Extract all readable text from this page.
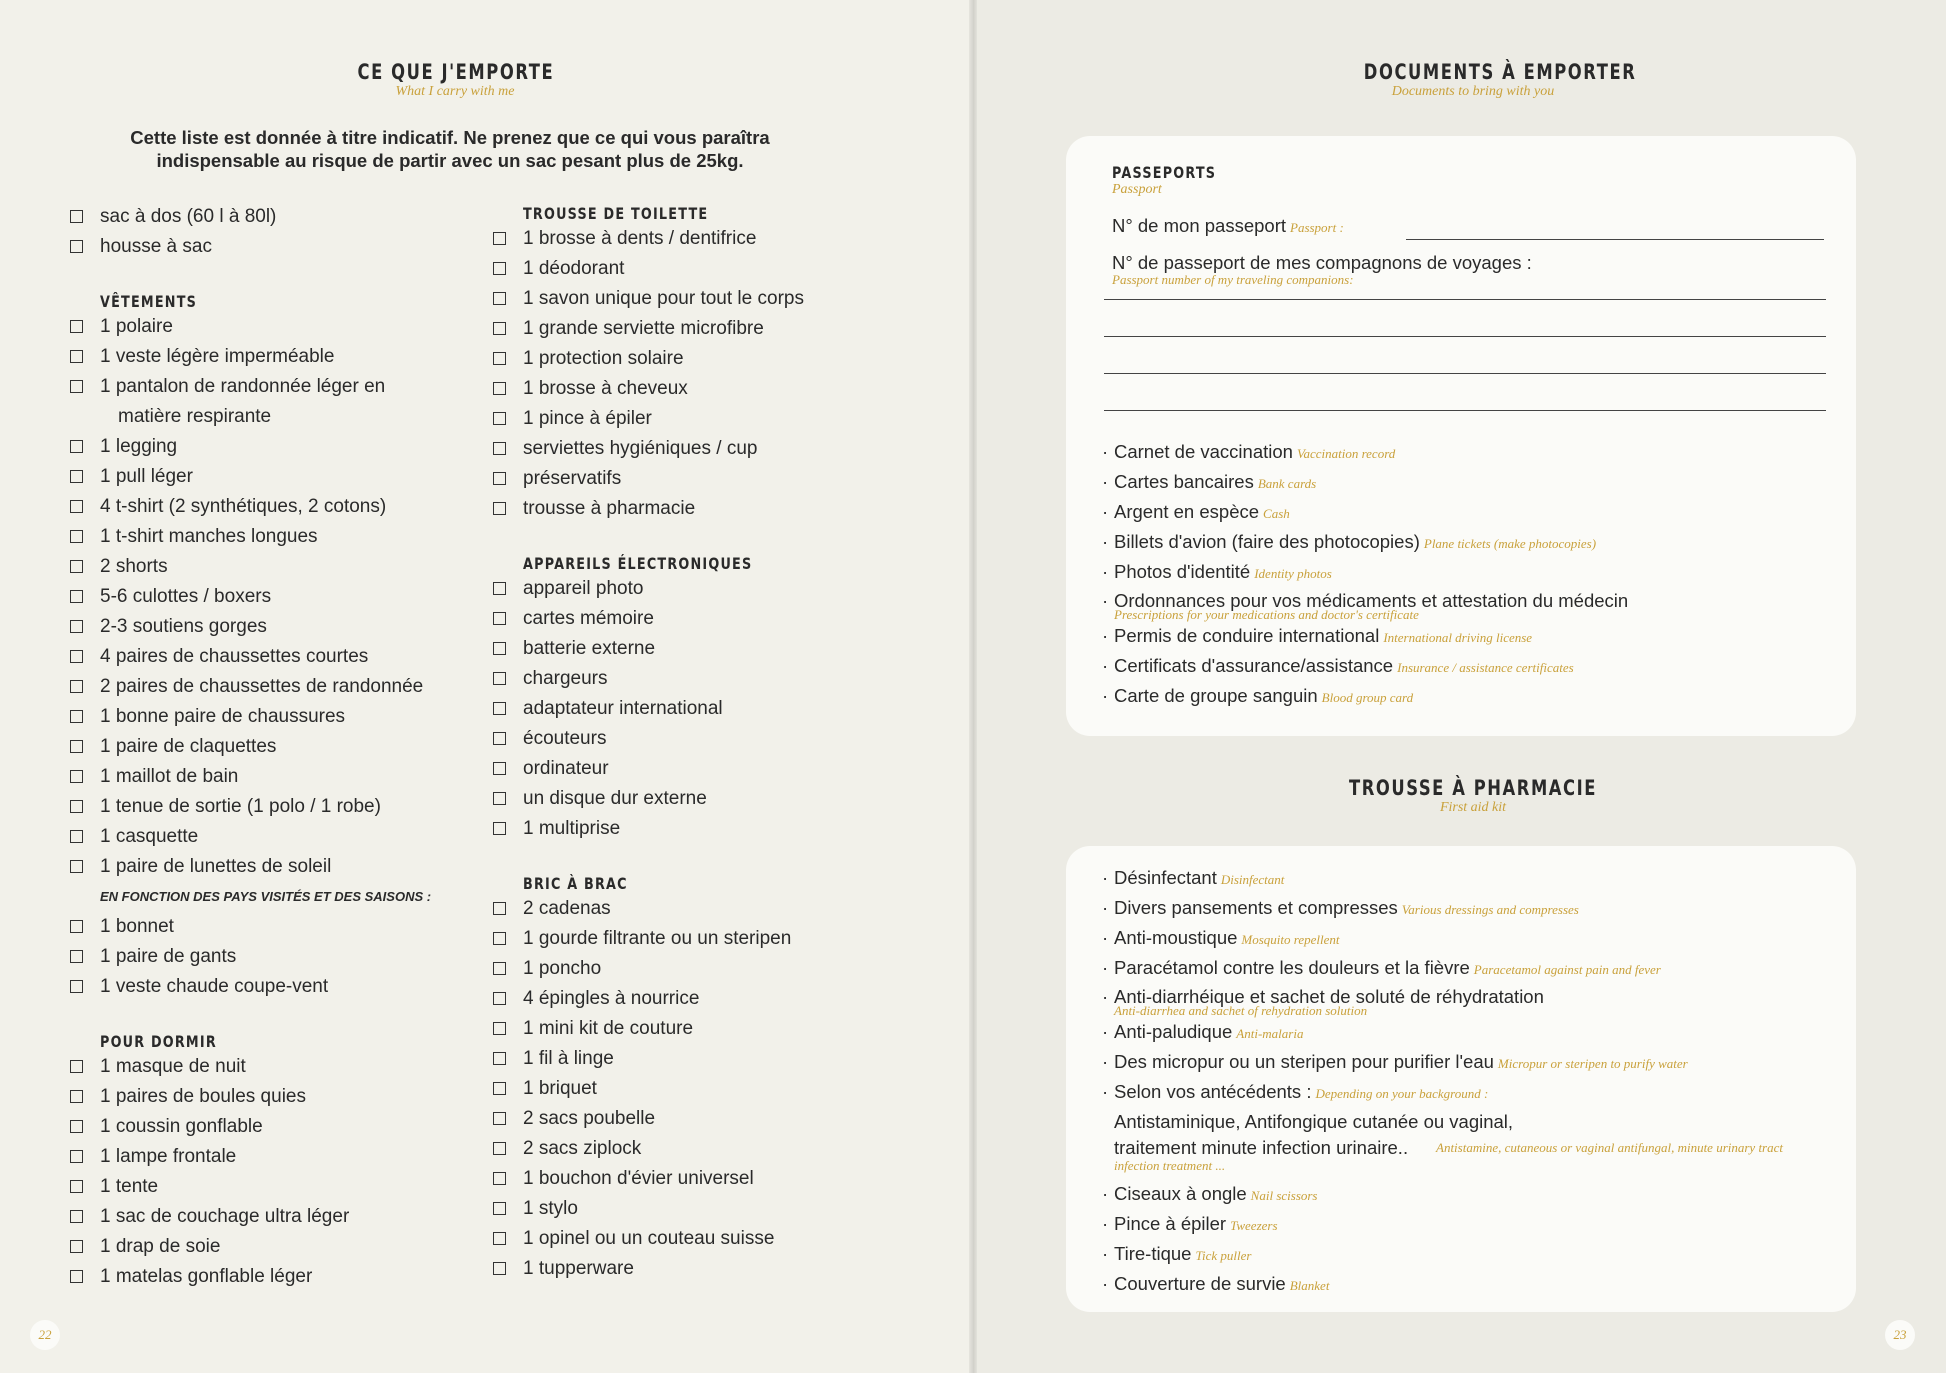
CE QUE J'EMPORTE
What I carry with me
Cette liste est donnée à titre indicatif. Ne prenez que ce qui vous paraîtra indispensable au risque de partir avec un sac pesant plus de 25kg.
sac à dos (60 l à 80l)
housse à sac
VÊTEMENTS
1 polaire
1 veste légère imperméable
1 pantalon de randonnée léger en
matière respirante
1 legging
1 pull léger
4 t-shirt (2 synthétiques, 2 cotons)
1 t-shirt manches longues
2 shorts
5-6 culottes / boxers
2-3 soutiens gorges
4 paires de chaussettes courtes
2 paires de chaussettes de randonnée
1 bonne paire de chaussures
1 paire de claquettes
1 maillot de bain
1 tenue de sortie (1 polo / 1 robe)
1 casquette
1 paire de lunettes de soleil
EN FONCTION DES PAYS VISITÉS ET DES SAISONS :
1 bonnet
1 paire de gants
1 veste chaude coupe-vent
POUR DORMIR
1 masque de nuit
1 paires de boules quies
1 coussin gonflable
1 lampe frontale
1 tente
1 sac de couchage ultra léger
1 drap de soie
1 matelas gonflable léger
TROUSSE DE TOILETTE
1 brosse à dents / dentifrice
1 déodorant
1 savon unique pour tout le corps
1 grande serviette microfibre
1 protection solaire
1 brosse à cheveux
1 pince à épiler
serviettes hygiéniques / cup
préservatifs
trousse à pharmacie
APPAREILS ÉLECTRONIQUES
appareil photo
cartes mémoire
batterie externe
chargeurs
adaptateur international
écouteurs
ordinateur
un disque dur externe
1 multiprise
BRIC À BRAC
2 cadenas
1 gourde filtrante ou un steripen
1 poncho
4 épingles à nourrice
1 mini kit de couture
1 fil à linge
1 briquet
2 sacs poubelle
2 sacs ziplock
1 bouchon d'évier universel
1 stylo
1 opinel ou un couteau suisse
1 tupperware
22
DOCUMENTS À EMPORTER
Documents to bring with you
PASSEPORTS
Passport
N° de mon passeport Passport :
N° de passeport de mes compagnons de voyages :
Passport number of my traveling companions:
· Carnet de vaccination Vaccination record
· Cartes bancaires Bank cards
· Argent en espèce Cash
· Billets d'avion (faire des photocopies) Plane tickets (make photocopies)
· Photos d'identité Identity photos
· Ordonnances pour vos médicaments et attestation du médecin
Prescriptions for your medications and doctor's certificate
· Permis de conduire international International driving license
· Certificats d'assurance/assistance Insurance / assistance certificates
· Carte de groupe sanguin Blood group card
TROUSSE À PHARMACIE
First aid kit
· Désinfectant Disinfectant
· Divers pansements et compresses Various dressings and compresses
· Anti-moustique Mosquito repellent
· Paracétamol contre les douleurs et la fièvre Paracetamol against pain and fever
· Anti-diarrhéique et sachet de soluté de réhydratation
Anti-diarrhea and sachet of rehydration solution
· Anti-paludique Anti-malaria
· Des micropur ou un steripen pour purifier l'eau Micropur or steripen to purify water
· Selon vos antécédents : Depending on your background :
Antistaminique, Antifongique cutanée ou vaginal,
traitement minute infection urinaire..	Antistamine, cutaneous or vaginal antifungal, minute urinary tract infection treatment ...
· Ciseaux à ongle Nail scissors
· Pince à épiler Tweezers
· Tire-tique Tick puller
· Couverture de survie Blanket
23
